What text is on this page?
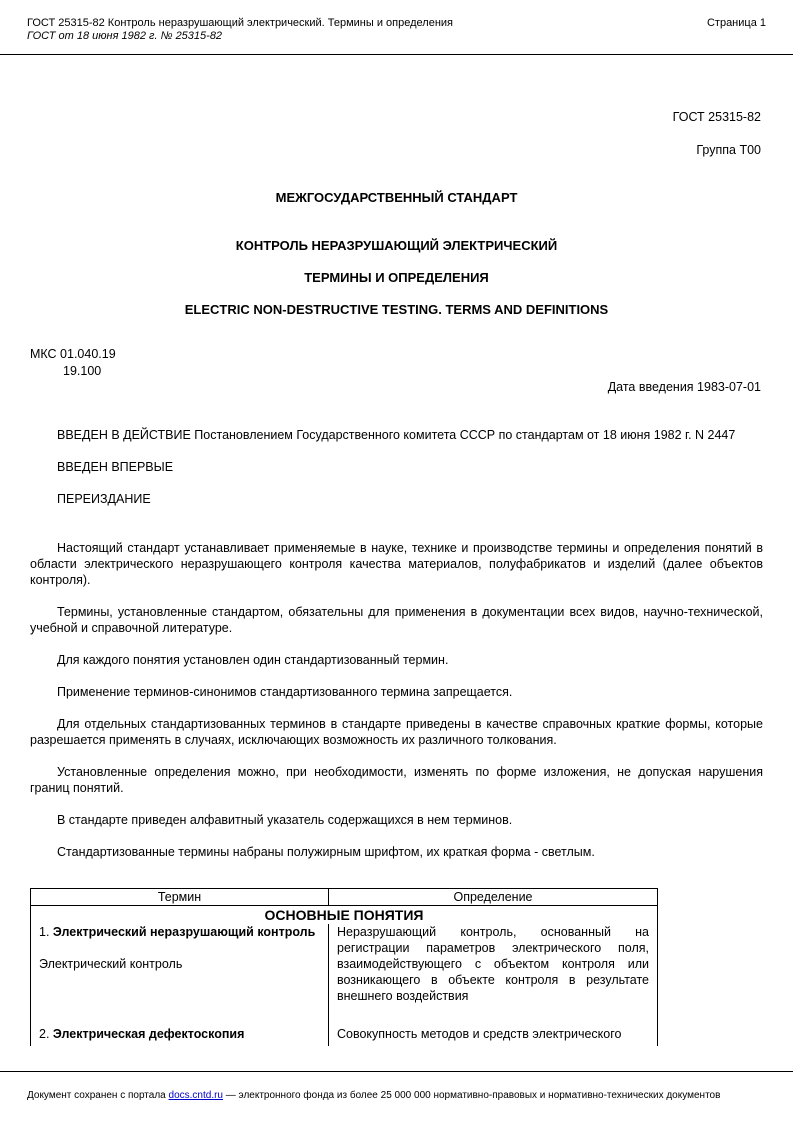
ГОСТ 25315-82 Контроль неразрушающий электрический. Термины и определения
ГОСТ от 18 июня 1982 г. № 25315-82
Страница 1
ГОСТ 25315-82
Группа Т00
МЕЖГОСУДАРСТВЕННЫЙ СТАНДАРТ
КОНТРОЛЬ НЕРАЗРУШАЮЩИЙ ЭЛЕКТРИЧЕСКИЙ
ТЕРМИНЫ И ОПРЕДЕЛЕНИЯ
ELECTRIC NON-DESTRUCTIVE TESTING. TERMS AND DEFINITIONS
МКС 01.040.19
19.100
Дата введения 1983-07-01
ВВЕДЕН В ДЕЙСТВИЕ Постановлением Государственного комитета СССР по стандартам от 18 июня 1982 г. N 2447
ВВЕДЕН ВПЕРВЫЕ
ПЕРЕИЗДАНИЕ
Настоящий стандарт устанавливает применяемые в науке, технике и производстве термины и определения понятий в области электрического неразрушающего контроля качества материалов, полуфабрикатов и изделий (далее объектов контроля).
Термины, установленные стандартом, обязательны для применения в документации всех видов, научно-технической, учебной и справочной литературе.
Для каждого понятия установлен один стандартизованный термин.
Применение терминов-синонимов стандартизованного термина запрещается.
Для отдельных стандартизованных терминов в стандарте приведены в качестве справочных краткие формы, которые разрешается применять в случаях, исключающих возможность их различного толкования.
Установленные определения можно, при необходимости, изменять по форме изложения, не допуская нарушения границ понятий.
В стандарте приведен алфавитный указатель содержащихся в нем терминов.
Стандартизованные термины набраны полужирным шрифтом, их краткая форма - светлым.
Термин	Определение
ОСНОВНЫЕ ПОНЯТИЯ	

1. Электрический неразрушающий контроль
Электрический контроль	Неразрушающий контроль, основанный на регистрации параметров электрического поля, взаимодействующего с объектом контроля или возникающего в объекте контроля в результате внешнего воздействия
2. Электрическая дефектоскопия	Совокупность методов и средств электрического
Документ сохранен с портала docs.cntd.ru — электронного фонда из более 25 000 000 нормативно-правовых и нормативно-технических документов
